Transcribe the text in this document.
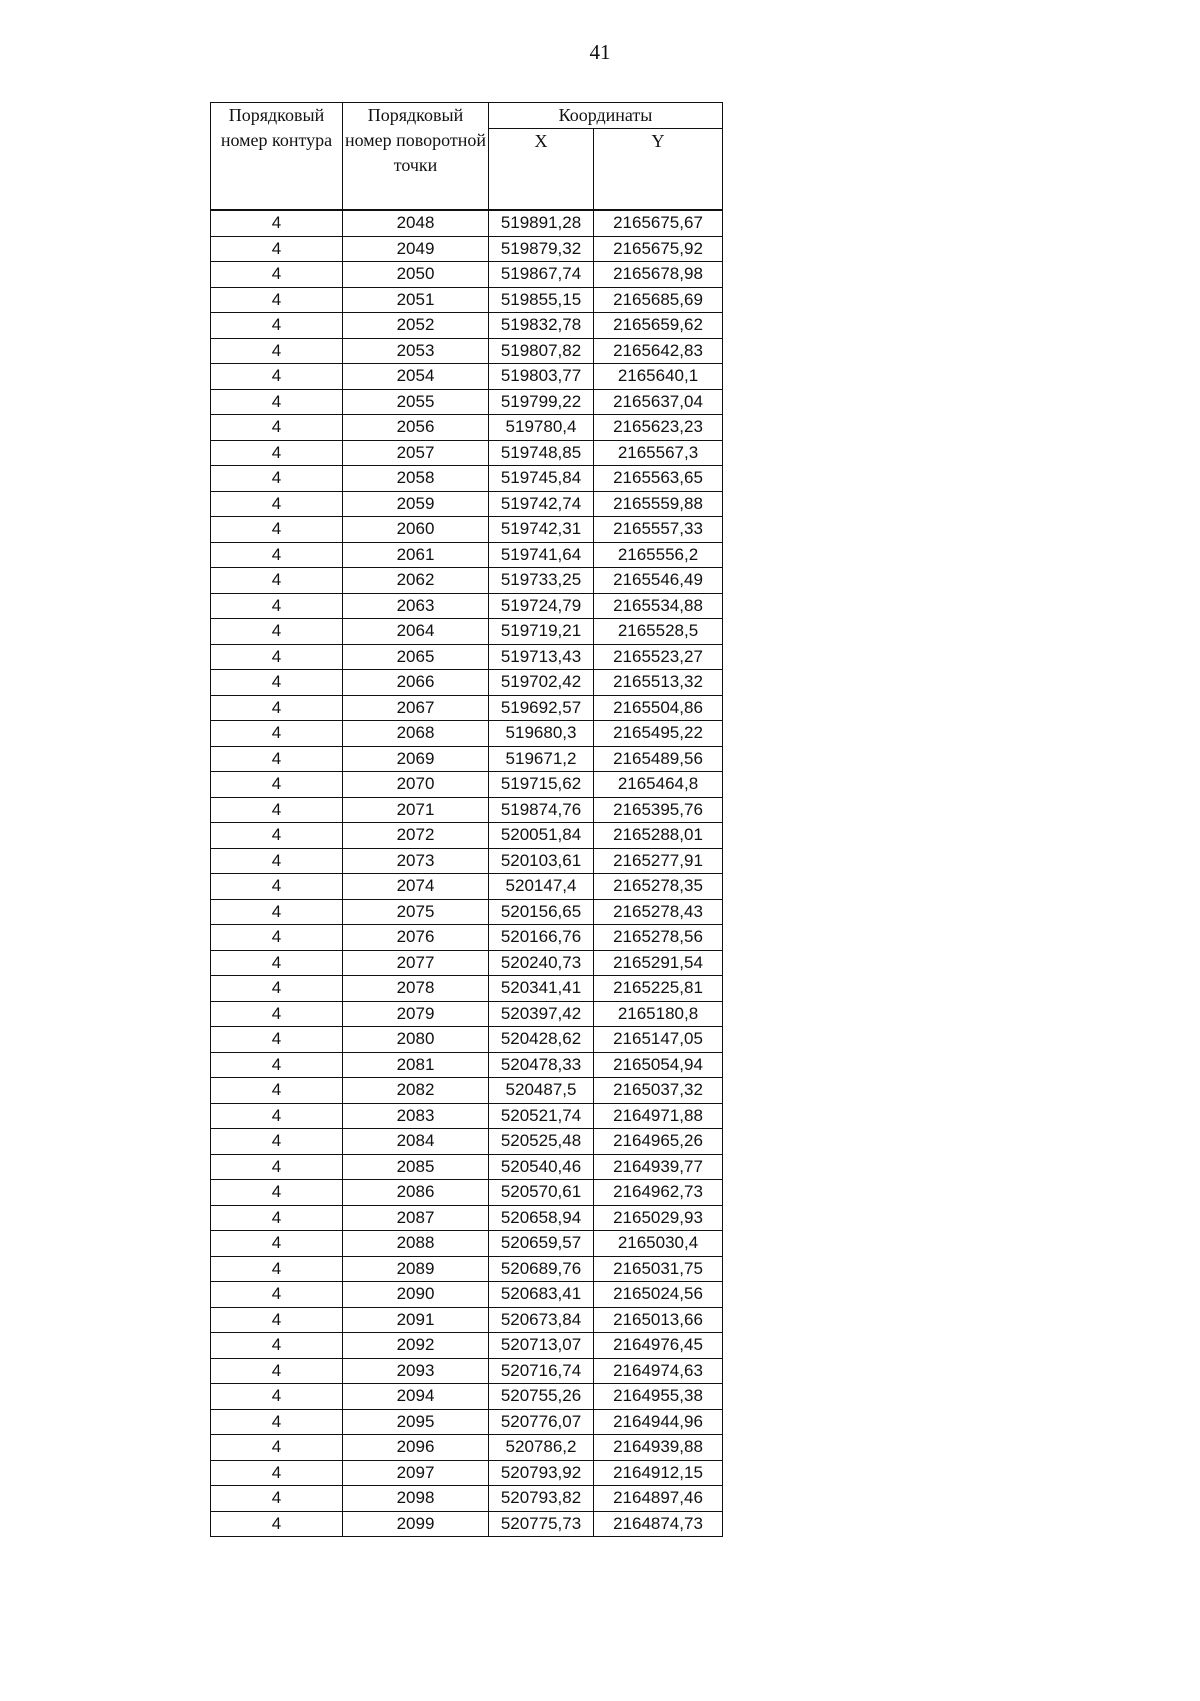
41
Порядковый номер контура	Порядковый номер поворотной точки	Координаты	
		X	Y
4	2048	519891,28	2165675,67
4	2049	519879,32	2165675,92
4	2050	519867,74	2165678,98
4	2051	519855,15	2165685,69
4	2052	519832,78	2165659,62
4	2053	519807,82	2165642,83
4	2054	519803,77	2165640,1
4	2055	519799,22	2165637,04
4	2056	519780,4	2165623,23
4	2057	519748,85	2165567,3
4	2058	519745,84	2165563,65
4	2059	519742,74	2165559,88
4	2060	519742,31	2165557,33
4	2061	519741,64	2165556,2
4	2062	519733,25	2165546,49
4	2063	519724,79	2165534,88
4	2064	519719,21	2165528,5
4	2065	519713,43	2165523,27
4	2066	519702,42	2165513,32
4	2067	519692,57	2165504,86
4	2068	519680,3	2165495,22
4	2069	519671,2	2165489,56
4	2070	519715,62	2165464,8
4	2071	519874,76	2165395,76
4	2072	520051,84	2165288,01
4	2073	520103,61	2165277,91
4	2074	520147,4	2165278,35
4	2075	520156,65	2165278,43
4	2076	520166,76	2165278,56
4	2077	520240,73	2165291,54
4	2078	520341,41	2165225,81
4	2079	520397,42	2165180,8
4	2080	520428,62	2165147,05
4	2081	520478,33	2165054,94
4	2082	520487,5	2165037,32
4	2083	520521,74	2164971,88
4	2084	520525,48	2164965,26
4	2085	520540,46	2164939,77
4	2086	520570,61	2164962,73
4	2087	520658,94	2165029,93
4	2088	520659,57	2165030,4
4	2089	520689,76	2165031,75
4	2090	520683,41	2165024,56
4	2091	520673,84	2165013,66
4	2092	520713,07	2164976,45
4	2093	520716,74	2164974,63
4	2094	520755,26	2164955,38
4	2095	520776,07	2164944,96
4	2096	520786,2	2164939,88
4	2097	520793,92	2164912,15
4	2098	520793,82	2164897,46
4	2099	520775,73	2164874,73
